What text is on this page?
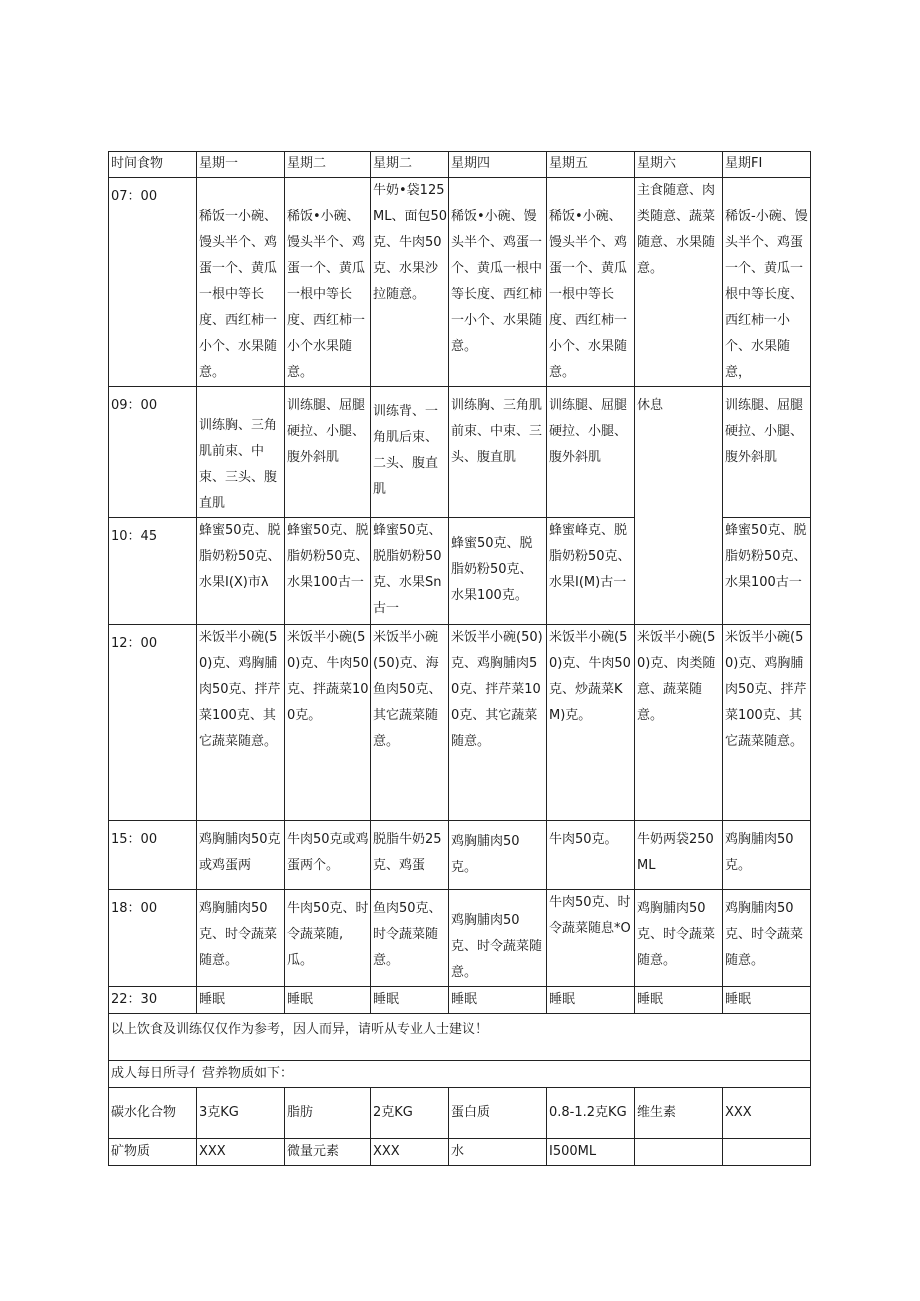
时间食物	星期一	星期二	星期二	星期四	星期五	星期六	星期FI
07：00	稀饭一小碗、馒头半个、鸡蛋一个、黄瓜一根中等长度、西红柿一小个、水果随意。	稀饭•小碗、馒头半个、鸡蛋一个、黄瓜一根中等长度、西红柿一小个水果随意。	牛奶•袋125ML、面包50克、牛肉50克、水果沙拉随意。	稀饭•小碗、馒头半个、鸡蛋一个、黄瓜一根中等长度、西红柿一小个、水果随意。	稀饭•小碗、馒头半个、鸡蛋一个、黄瓜一根中等长度、西红柿一小个、水果随意。	主食随意、肉类随意、蔬菜随意、水果随意。	稀饭-小碗、馒头半个、鸡蛋一个、黄瓜一根中等长度、西红柿一小个、水果随意，
09：00	训练胸、三角肌前束、中束、三头、腹直肌	训练腿、屈腿硬拉、小腿、腹外斜肌	训练背、一角肌后束、二头、腹直肌	训练胸、三角肌前束、中束、三头、腹直肌	训练腿、屈腿硬拉、小腿、腹外斜肌	休息	训练腿、屈腿硬拉、小腿、腹外斜肌
10：45	蜂蜜50克、脱脂奶粉50克、水果I(X)市λ	蜂蜜50克、脱脂奶粉50克、水果100古一	蜂蜜50克、脱脂奶粉50克、水果Sn古一	蜂蜜50克、脱脂奶粉50克、水果100克。	蜂蜜峰克、脱脂奶粉50克、水果I(M)古一		蜂蜜50克、脱脂奶粉50克、水果100古一
12：00	米饭半小碗(50)克、鸡胸脯肉50克、拌芹菜100克、其它蔬菜随意。	米饭半小碗(50)克、牛肉50克、拌蔬菜100克。	米饭半小碗(50)克、海鱼肉50克、其它蔬菜随意。	米饭半小碗(50)克、鸡胸脯肉50克、拌芹菜100克、其它蔬菜随意。	米饭半小碗(50)克、牛肉50克、炒蔬菜KM)克。	米饭半小碗(50)克、肉类随意、蔬菜随意。	米饭半小碗(50)克、鸡胸脯肉50克、拌芹菜100克、其它蔬菜随意。
15：00	鸡胸脯肉50克或鸡蛋两	牛肉50克或鸡蛋两个。	脱脂牛奶25克、鸡蛋	鸡胸脯肉50克。	牛肉50克。	牛奶两袋250ML	鸡胸脯肉50克。
18：00	鸡胸脯肉50克、时令蔬菜随意。	牛肉50克、时令蔬菜随,瓜。	鱼肉50克、时令蔬菜随意。	鸡胸脯肉50克、时令蔬菜随意。	牛肉50克、时令蔬菜随息*O	鸡胸脯肉50克、时令蔬菜随意。	鸡胸脯肉50克、时令蔬菜随意。
22：30	睡眠	睡眠	睡眠	睡眠	睡眠	睡眠	睡眠
以上饮食及训练仅仅作为参考，因人而异，请听从专业人士建议！							
成人每日所寻亻营养物质如下：							
碳水化合物	3克KG	脂肪	2克KG	蛋白质	0.8-1.2克KG	维生素	XXX
矿物质	XXX	微量元素	XXX	水	I500ML		
